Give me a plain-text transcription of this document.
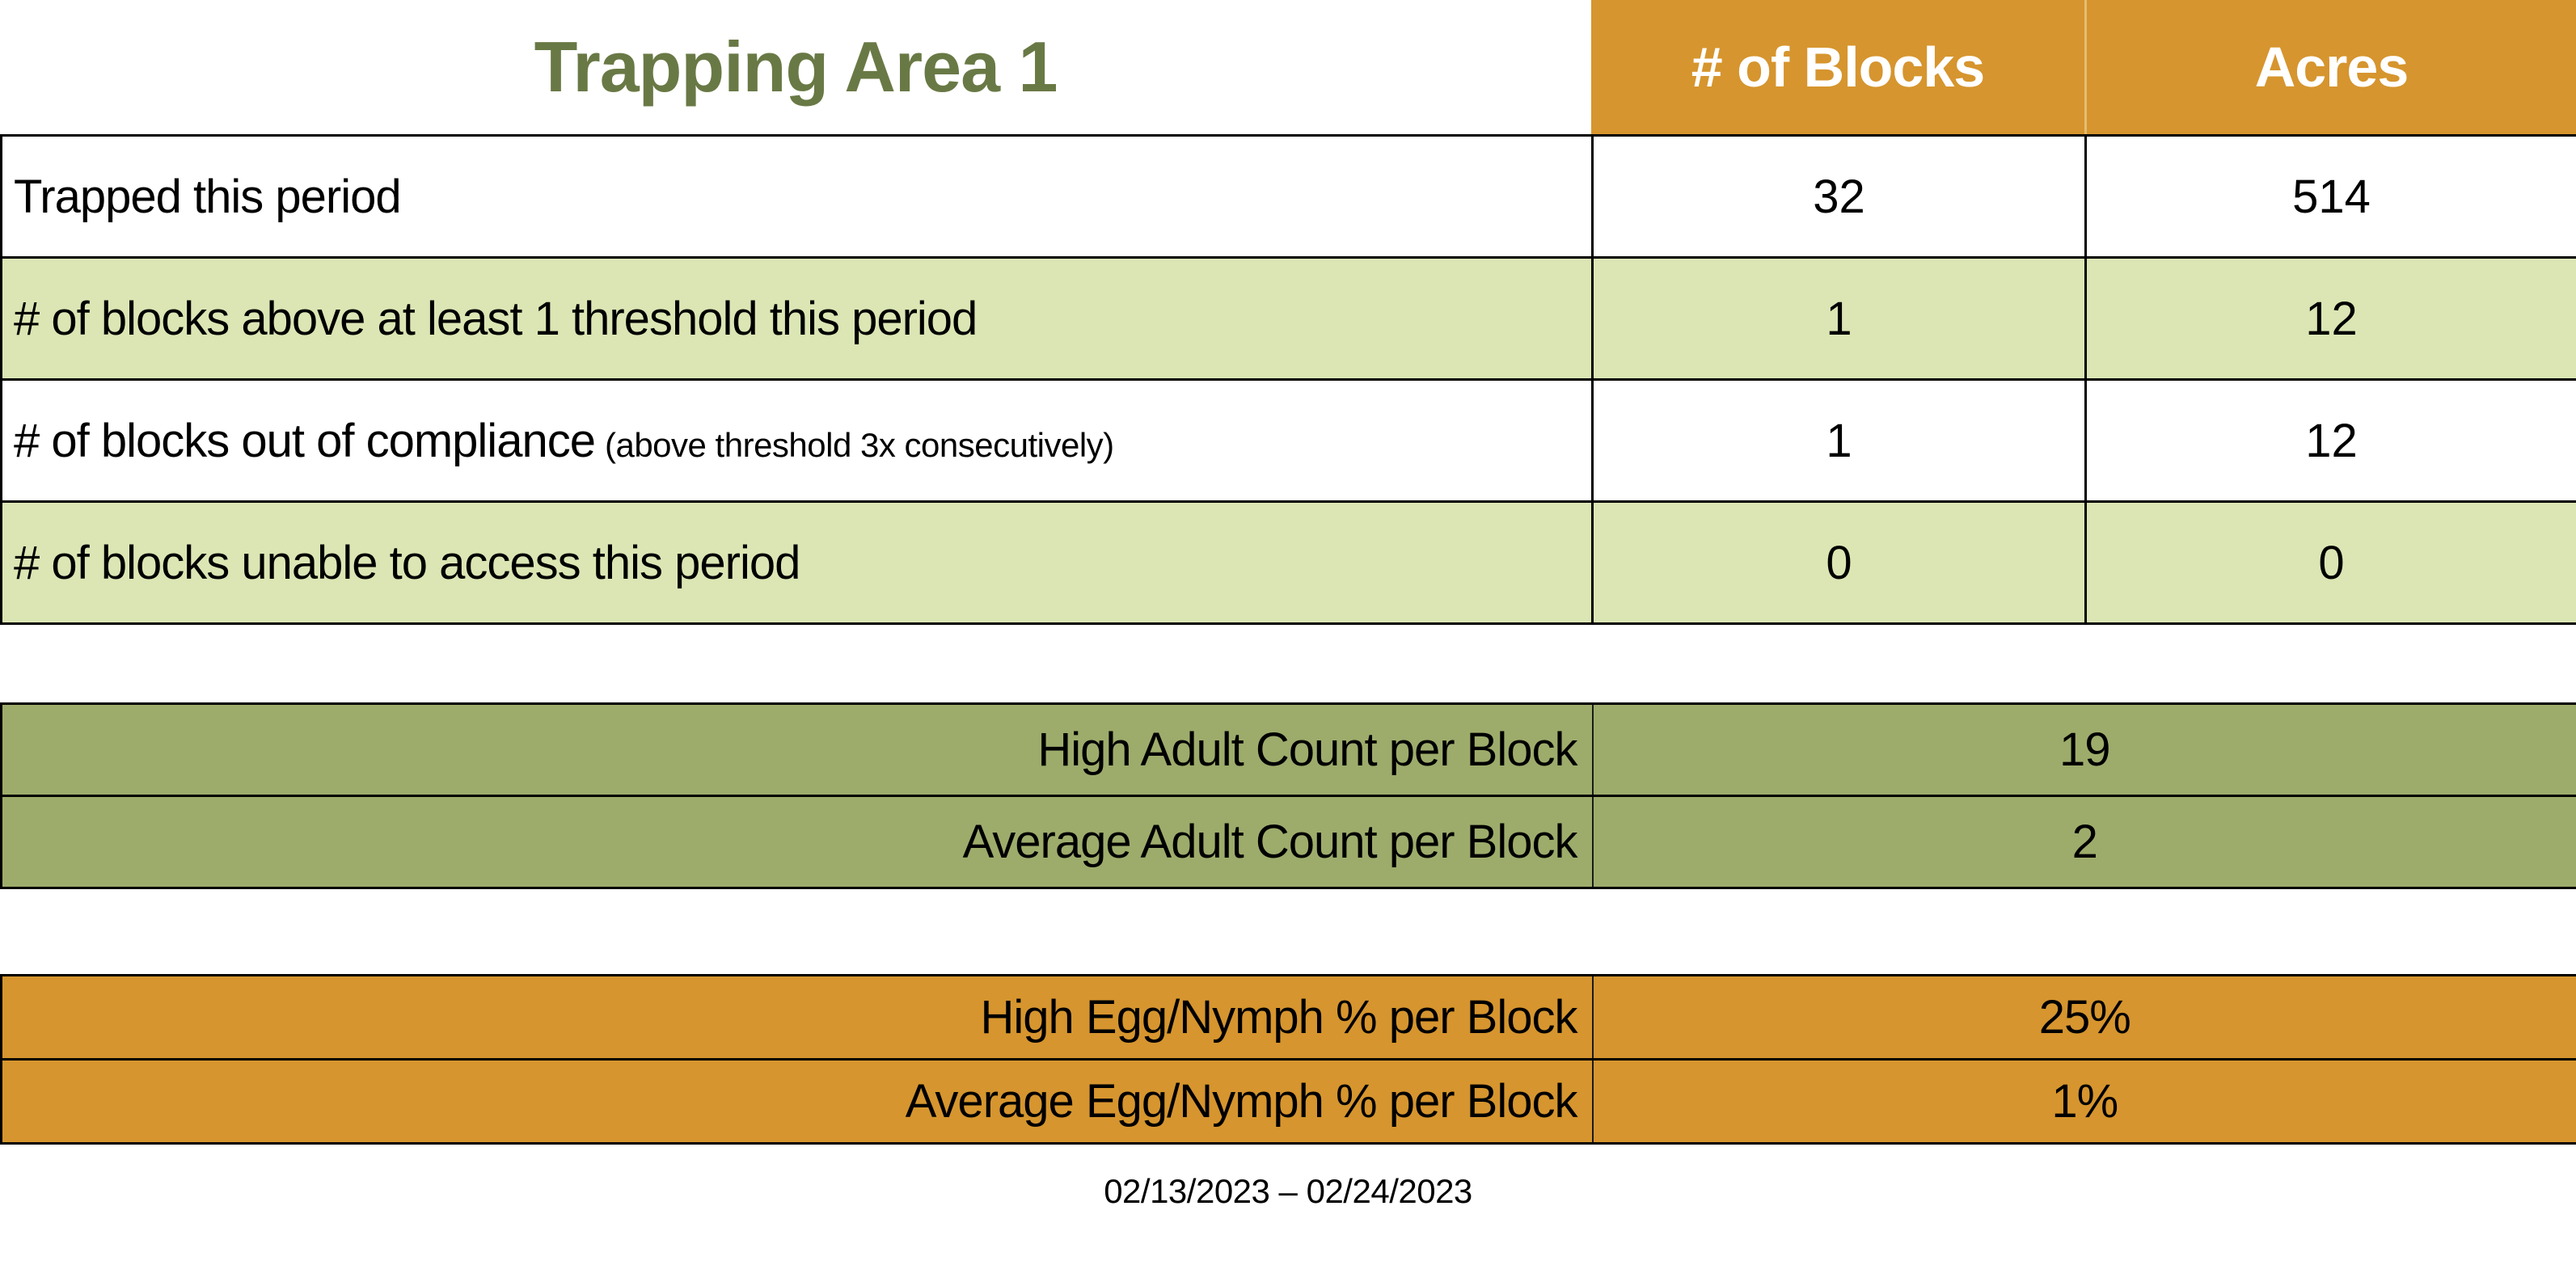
Trapping Area 1	# of Blocks	Acres
Trapped this period	32	514
# of blocks above at least 1 threshold this period	1	12
# of blocks out of compliance (above threshold 3x consecutively)	1	12
# of blocks unable to access this period	0	0
High Adult Count per Block	19
Average Adult Count per Block	2
High Egg/Nymph % per Block	25%
Average Egg/Nymph % per Block	1%
02/13/2023 – 02/24/2023
